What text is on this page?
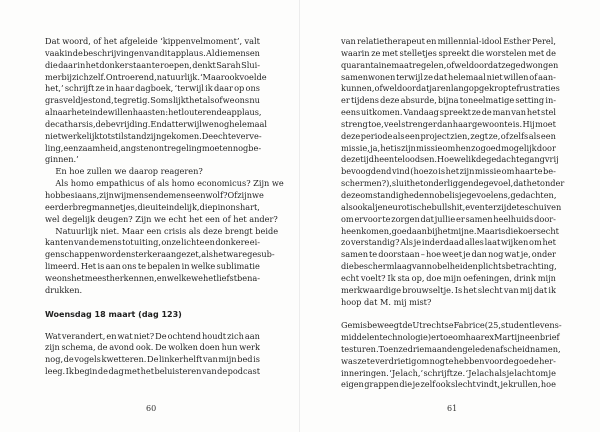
Dat woord, of het afgeleide ‘kippenvelmoment’, valt
vaak in de beschrijvingen van dit applaus. Al die mensen
die daar in het donker staan te roepen, denkt Sarah Slui-
mer bij zichzelf. Ontroerend, natuurlijk. ‘Maar ook voelde
het,’ schrijft ze in haar dagboek, ‘terwijl ik daar op ons
grasveldje stond, te gretig. Soms lijkt het alsof we ons nu
al naar het einde willen haasten: het louterende applaus,
de catharsis, de bevrijding. En dat terwijl we nog helemaal
niet werkelijk tot stilstand zijn gekomen. De echte verve-
ling, eenzaamheid, angst en ontregeling moeten nog be-
ginnen.’
En hoe zullen we daarop reageren?
Als homo empathicus of als homo economicus? Zijn we
hobbesiaans, zijn wij mensen de mens een wolf? Of zijn we
eerder bregmannetjes, die uiteindelijk, diep in ons hart,
wel degelijk deugen? Zijn we echt het een of het ander?
Natuurlijk niet. Maar een crisis als deze brengt beide
kanten van de mens tot uiting, onze lichte en donkere ei-
genschappen worden sterker aangezet, als het ware gesub-
limeerd. Het is aan ons te bepalen in welke sublimatie
we ons het meest herkennen, en welke we het liefst bena-
drukken.
Woensdag 18 maart (dag 123)
Wat verandert, en wat niet? De ochtend houdt zich aan
zijn schema, de avond ook. De wolken doen hun werk
nog, de vogels kwetteren. De linkerhelft van mijn bed is
leeg. Ik begin de dag met het beluisteren van de podcast
60
van relatietherapeut en millennial-idool Esther Perel,
waarin ze met stelletjes spreekt die worstelen met de
quarantainemaatregelen, ofwel doordat ze gedwongen
samenwonen terwijl ze dat helemaal niet willen of aan-
kunnen, ofwel doordat jarenlang opgekropte frustraties
er tijdens deze absurde, bijna toneelmatige setting in-
eens uitkomen. Vandaag spreekt ze de man van het stel
streng toe, veel strenger dan haar gewoonte is. Hij moet
deze periode als een project zien, zegt ze, of zelfs als een
missie, ja, het is zijn missie om hen zo goed mogelijk door
deze tijd heen te loodsen. Hoewel ik de gedachtegang vrij
bevoogdend vind (hoezo is het zijn missie om haar te be-
schermen?), sluit het onderliggende gevoel, dat het onder
deze omstandigheden nobel is je gevoelens, gedachten,
alsook al je neurotische bullshit, even terzijde te schuiven
om ervoor te zorgen dat jullie er samen heelhuids door-
heen komen, goed aan bij het mijne. Maar is die koers echt
zo verstandig? Als je inderdaad alles laat wijken om het
samen te doorstaan – hoe weet je dan nog wat je, onder
die beschermlaag van nobelheid en plichtsbetrachting,
echt voelt? Ik sta op, doe mijn oefeningen, drink mijn
merkwaardige brouwseltje. Is het slecht van mij dat ik
hoop dat M. mij mist?
Gemis beweegt de Utrechtse Fabrice (25, student levens-
middelentechnologie) ertoe om haar ex Martijn een brief
te sturen. Toen ze drie maanden geleden afscheid namen,
was ze te verdrietig om nog te hebben voor de goede her-
inneringen. ‘Je lach,’ schrijft ze. ‘Je lach als je lacht om je
eigen grappen die je zelf ook slecht vindt, je krullen, hoe
61
